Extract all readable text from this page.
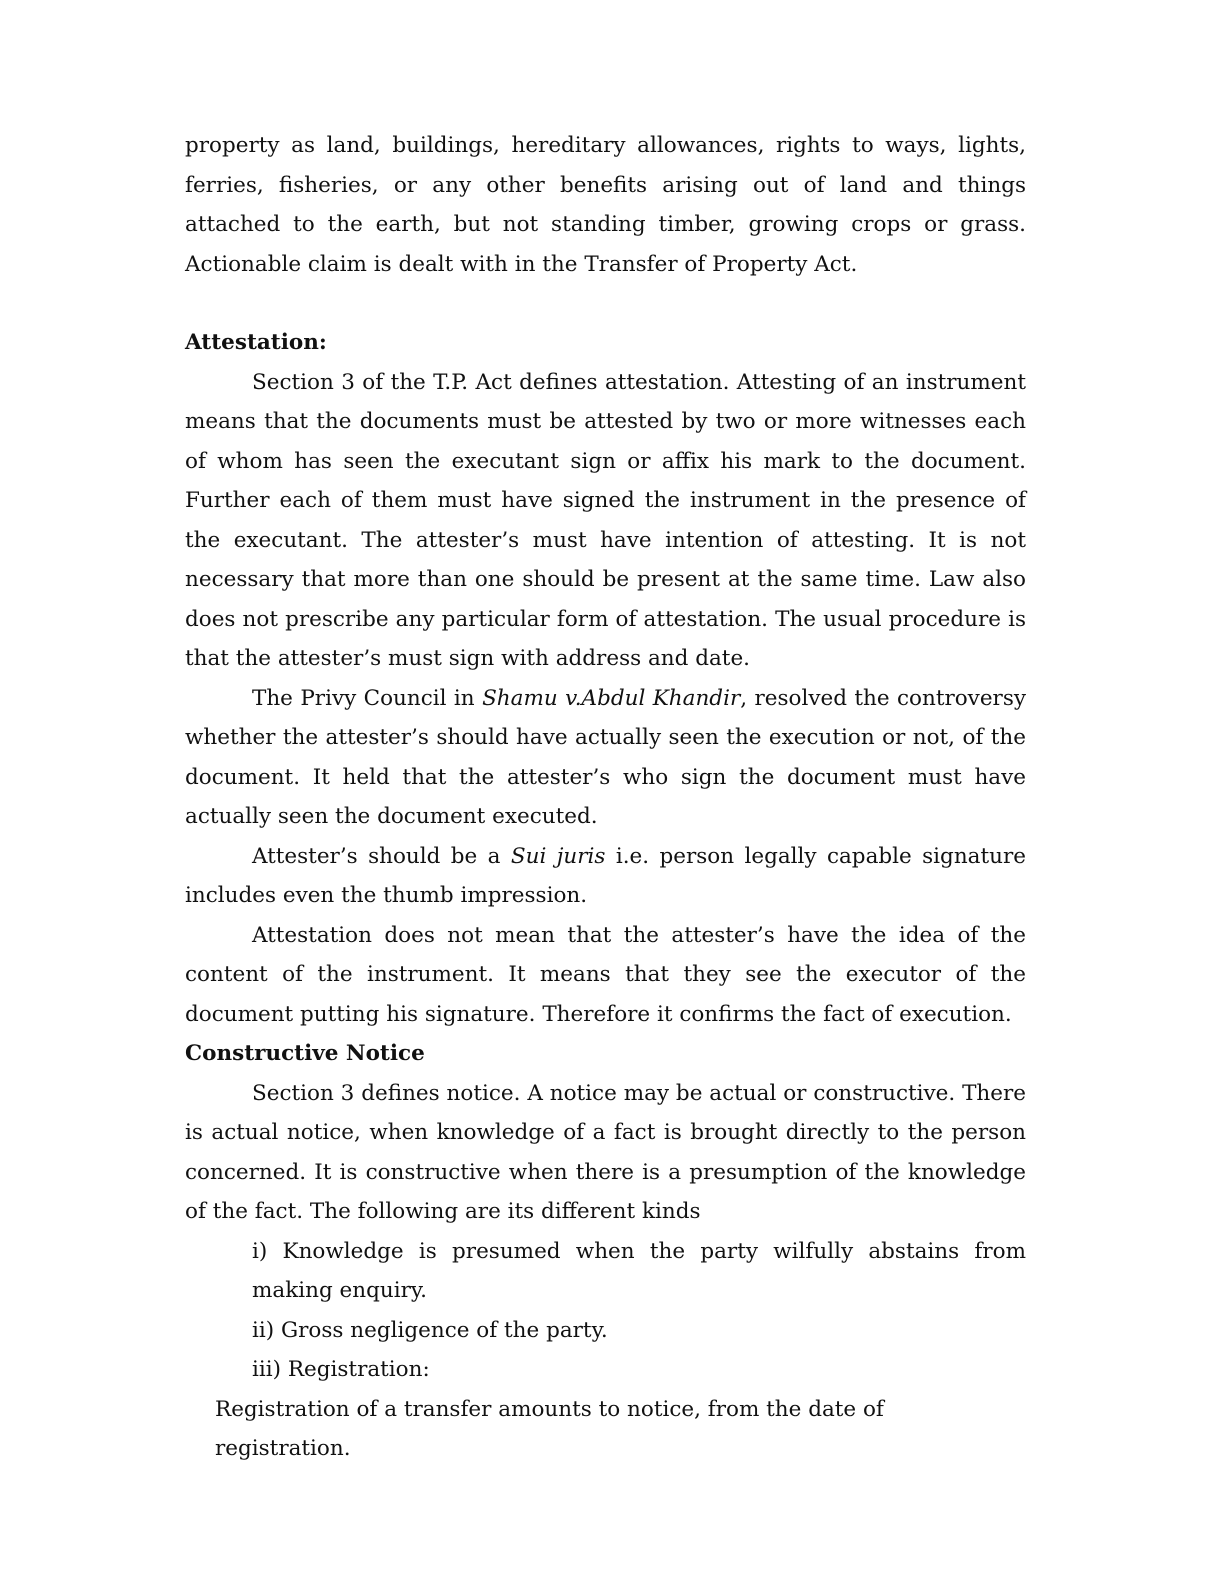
property as land, buildings, hereditary allowances, rights to ways, lights, ferries, fisheries, or any other benefits arising out of land and things attached to the earth, but not standing timber, growing crops or grass. Actionable claim is dealt with in the Transfer of Property Act.

Attestation:

Section 3 of the T.P. Act defines attestation. Attesting of an instrument means that the documents must be attested by two or more witnesses each of whom has seen the executant sign or affix his mark to the document. Further each of them must have signed the instrument in the presence of the executant. The attester’s must have intention of attesting. It is not necessary that more than one should be present at the same time. Law also does not prescribe any particular form of attestation. The usual procedure is that the attester’s must sign with address and date.

The Privy Council in Shamu v.Abdul Khandir, resolved the controversy whether the attester’s should have actually seen the execution or not, of the document. It held that the attester’s who sign the document must have actually seen the document executed.

Attester’s should be a Sui juris i.e. person legally capable signature includes even the thumb impression.

Attestation does not mean that the attester’s have the idea of the content of the instrument. It means that they see the executor of the document putting his signature. Therefore it confirms the fact of execution.

Constructive Notice

Section 3 defines notice. A notice may be actual or constructive. There is actual notice, when knowledge of a fact is brought directly to the person concerned. It is constructive when there is a presumption of the knowledge of the fact. The following are its different kinds

i) Knowledge is presumed when the party wilfully abstains from making enquiry.

ii) Gross negligence of the party.

iii) Registration:

Registration of a transfer amounts to notice, from the date of registration.
